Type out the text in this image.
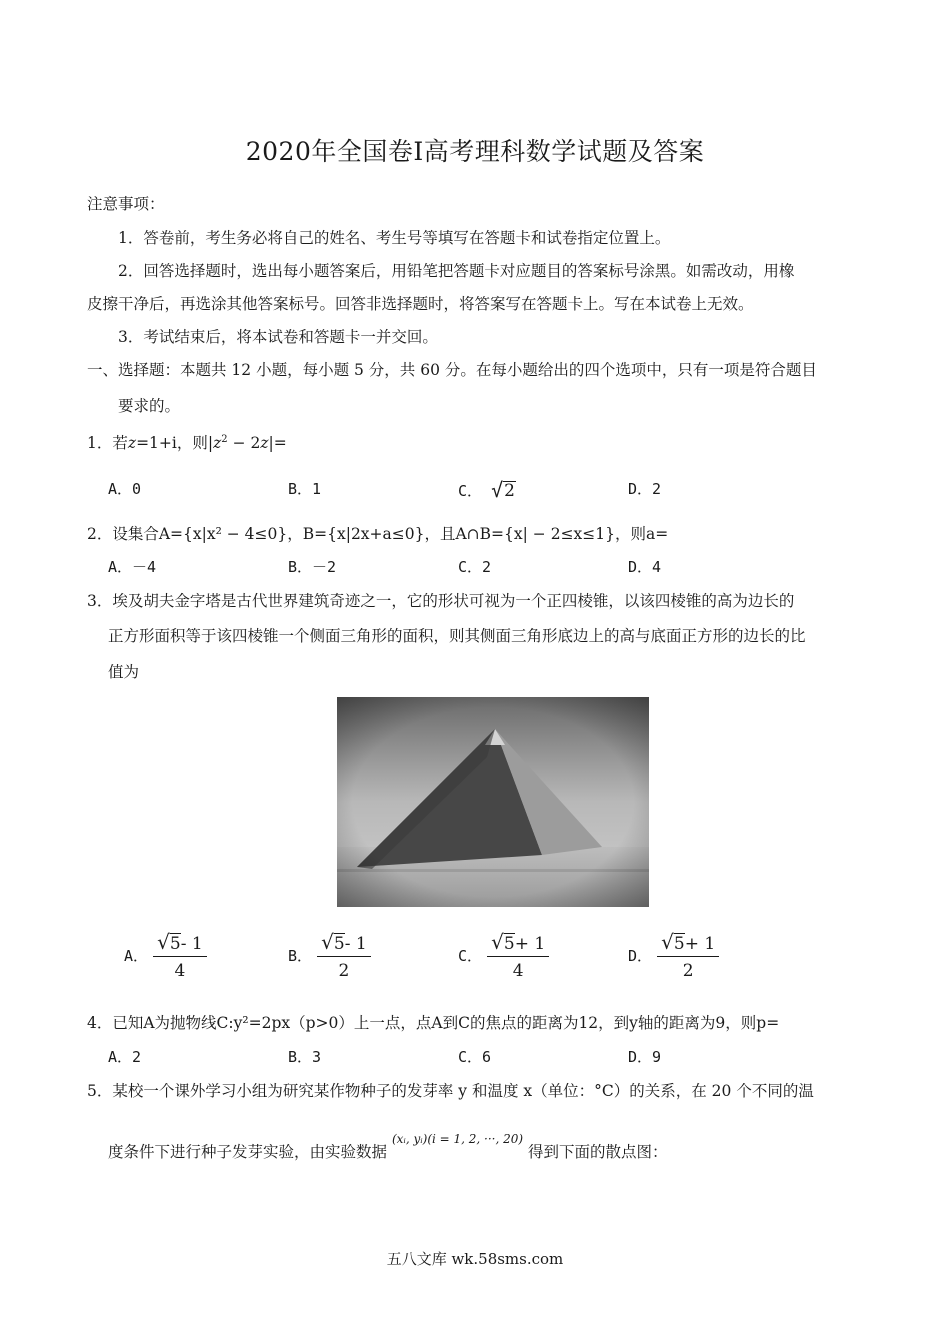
2020年全国卷Ⅰ高考理科数学试题及答案
注意事项：
1．答卷前，考生务必将自己的姓名、考生号等填写在答题卡和试卷指定位置上。
2．回答选择题时，选出每小题答案后，用铅笔把答题卡对应题目的答案标号涂黑。如需改动，用橡
皮擦干净后，再选涂其他答案标号。回答非选择题时，将答案写在答题卡上。写在本试卷上无效。
3．考试结束后，将本试卷和答题卡一并交回。
一、选择题：本题共 12 小题，每小题 5 分，共 60 分。在每小题给出的四个选项中，只有一项是符合题目
要求的。
1．若z=1+i，则$|z^2 - 2z|=$
A．0	B．1	C． √ 2	D．2
2．设集合A={x|x² − 4≤0}，B={x|2x+a≤0}，且A∩B={x| − 2≤x≤1}，则a=
A．－4	B．－2	C．2	D．4
3．埃及胡夫金字塔是古代世界建筑奇迹之一，它的形状可视为一个正四棱锥，以该四棱锥的高为边长的
正方形面积等于该四棱锥一个侧面三角形的面积，则其侧面三角形底边上的高与底面正方形的边长的比
值为
A． $\frac{√ 5 - 1}{4}$	B． $\frac{√ 5 - 1}{2}$	C． $\frac{√ 5 + 1}{4}$	D． $\frac{√ 5 + 1}{2}$
4．已知A为抛物线C:y²=2px（p>0）上一点，点A到C的焦点的距离为12，到y轴的距离为9，则p=
A．2	B．3	C．6	D．9
5．某校一个课外学习小组为研究某作物种子的发芽率 y 和温度 x（单位：°C）的关系，在 20 个不同的温
度条件下进行种子发芽实验，由实验数据 $^{(xᵢ, yᵢ)(i = 1, 2, \cdot\cdot\cdot, 20)}$ 得到下面的散点图：
五八文库 wk.58sms.com
